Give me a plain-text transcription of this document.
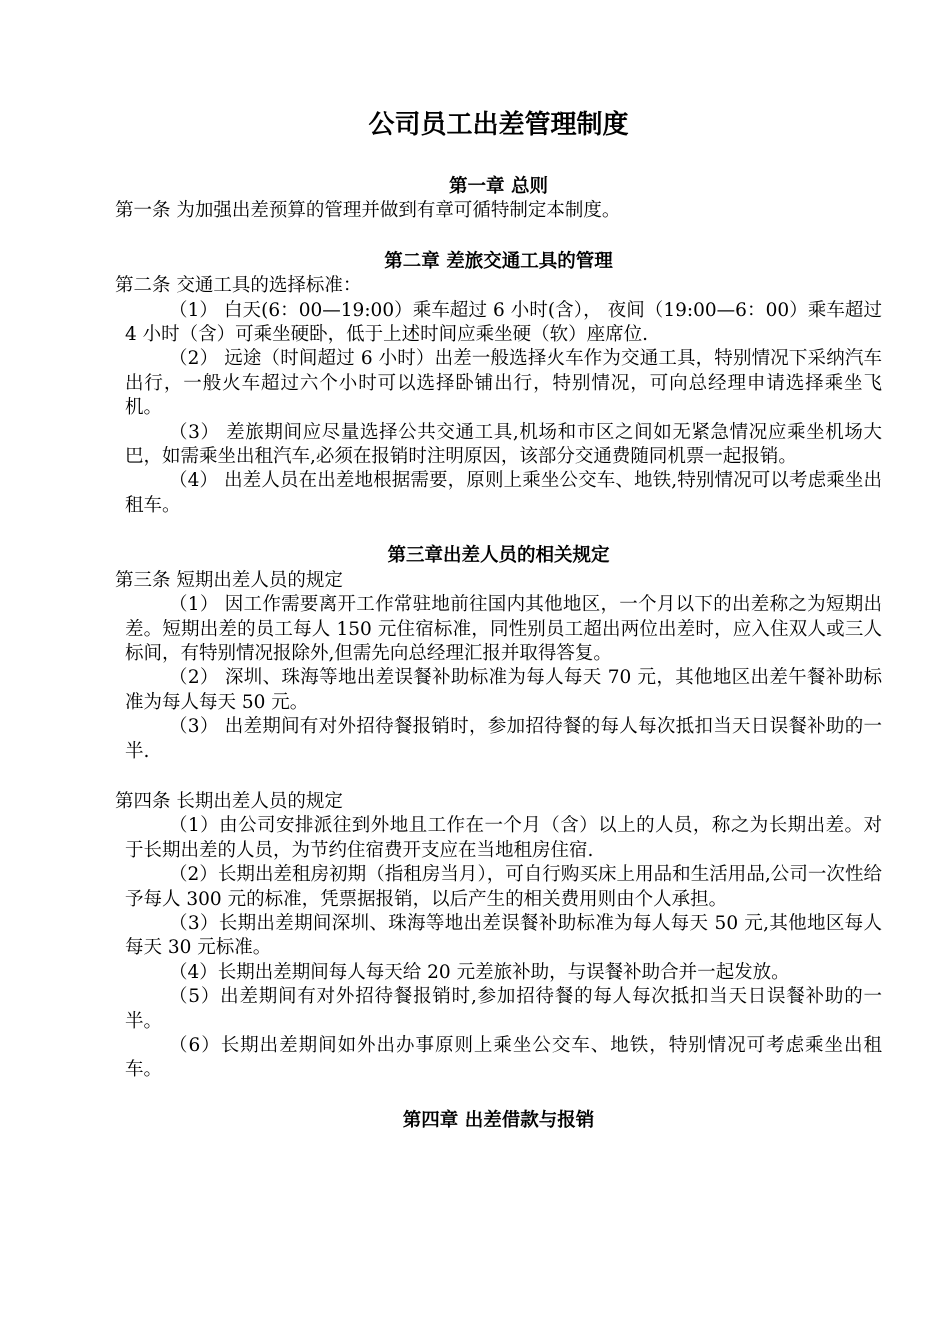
公司员工出差管理制度

第一章 总则

第一条 为加强出差预算的管理并做到有章可循特制定本制度。

第二章 差旅交通工具的管理

第二条 交通工具的选择标准：

（1） 白天(6：00—19:00）乘车超过 6 小时(含）， 夜间（19:00—6：00）乘车超过 4 小时（含）可乘坐硬卧，低于上述时间应乘坐硬（软）座席位.

（2） 远途（时间超过 6 小时）出差一般选择火车作为交通工具，特别情况下采纳汽车出行，一般火车超过六个小时可以选择卧铺出行，特别情况，可向总经理申请选择乘坐飞机。

（3） 差旅期间应尽量选择公共交通工具,机场和市区之间如无紧急情况应乘坐机场大巴，如需乘坐出租汽车,必须在报销时注明原因，该部分交通费随同机票一起报销。

（4） 出差人员在出差地根据需要，原则上乘坐公交车、地铁,特别情况可以考虑乘坐出租车。

第三章出差人员的相关规定

第三条 短期出差人员的规定

（1） 因工作需要离开工作常驻地前往国内其他地区，一个月以下的出差称之为短期出差。短期出差的员工每人 150 元住宿标准，同性别员工超出两位出差时，应入住双人或三人标间，有特别情况报除外,但需先向总经理汇报并取得答复。

（2） 深圳、珠海等地出差误餐补助标准为每人每天 70 元，其他地区出差午餐补助标准为每人每天 50 元。

（3） 出差期间有对外招待餐报销时，参加招待餐的每人每次抵扣当天日误餐补助的一半.

第四条 长期出差人员的规定

（1）由公司安排派往到外地且工作在一个月（含）以上的人员，称之为长期出差。对于长期出差的人员，为节约住宿费开支应在当地租房住宿.

（2）长期出差租房初期（指租房当月），可自行购买床上用品和生活用品,公司一次性给予每人 300 元的标准，凭票据报销，以后产生的相关费用则由个人承担。

（3）长期出差期间深圳、珠海等地出差误餐补助标准为每人每天 50 元,其他地区每人每天 30 元标准。

（4）长期出差期间每人每天给 20 元差旅补助，与误餐补助合并一起发放。

（5）出差期间有对外招待餐报销时,参加招待餐的每人每次抵扣当天日误餐补助的一半。

（6）长期出差期间如外出办事原则上乘坐公交车、地铁，特别情况可考虑乘坐出租车。

第四章 出差借款与报销
